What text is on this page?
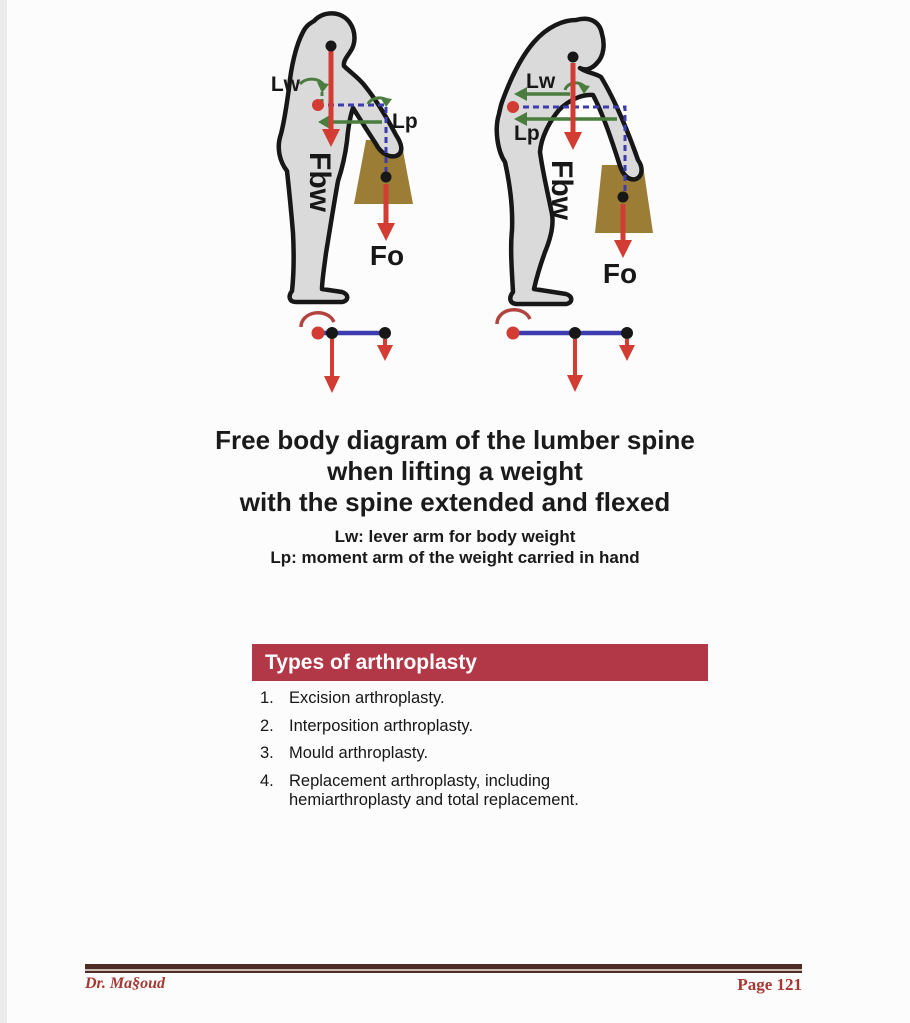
Lw
Lp
Fbw
Fo
Lw
Lp
Fbw
Fo
Free body diagram of the lumber spine
when lifting a weight
with the spine extended and flexed
Lw: lever arm for body weight
Lp: moment arm of the weight carried in hand
Types of arthroplasty
1. Excision arthroplasty.
2. Interposition arthroplasty.
3. Mould arthroplasty.
4. Replacement arthroplasty, including hemiarthroplasty and total replacement.
Dr. Ma§oud	Page 121
